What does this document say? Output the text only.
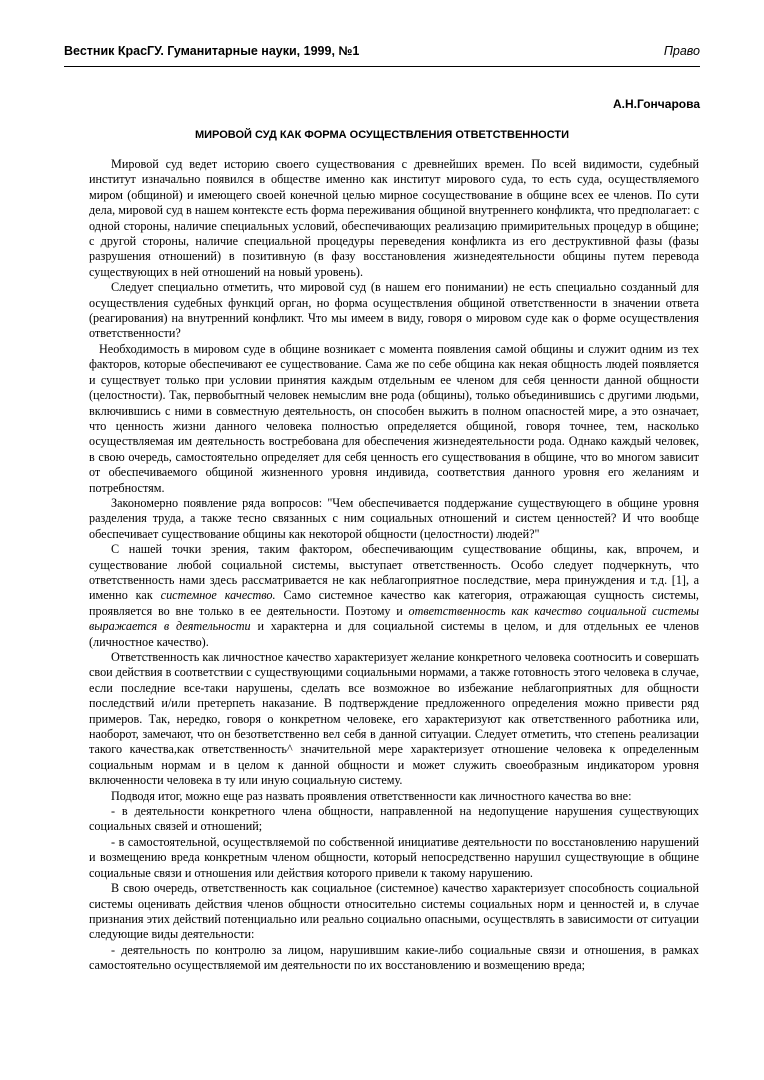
Вестник КрасГУ. Гуманитарные науки, 1999, №1	Право
А.Н.Гончарова
МИРОВОЙ СУД КАК ФОРМА ОСУЩЕСТВЛЕНИЯ ОТВЕТСТВЕННОСТИ

Мировой суд ведет историю своего существования с древнейших времен. По всей видимости, судебный институт изначально появился в обществе именно как институт мирового суда, то есть суда, осуществляемого миром (общиной) и имеющего своей конечной целью мирное сосуществование в общине всех ее членов. По сути дела, мировой суд в нашем контексте есть форма переживания общиной внутреннего конфликта, что предполагает: с одной стороны, наличие специальных условий, обеспечивающих реализацию примирительных процедур в общине; с другой стороны, наличие специальной процедуры переведения конфликта из его деструктивной фазы (фазы разрушения отношений) в позитивную (в фазу восстановления жизнедеятельности общины путем перевода существующих в ней отношений на новый уровень).

Следует специально отметить, что мировой суд (в нашем его понимании) не есть специально созданный для осуществления судебных функций орган, но форма осуществления общиной ответственности в значении ответа (реагирования) на внутренний конфликт. Что мы имеем в виду, говоря о мировом суде как о форме осуществления ответственности?

Необходимость в мировом суде в общине возникает с момента появления самой общины и служит одним из тех факторов, которые обеспечивают ее существование. Сама же по себе община как некая общность людей появляется и существует только при условии принятия каждым отдельным ее членом для себя ценности данной общности (целостности). Так, первобытный человек немыслим вне рода (общины), только объединившись с другими людьми, включившись с ними в совместную деятельность, он способен выжить в полном опасностей мире, а это означает, что ценность жизни данного человека полностью определяется общиной, говоря точнее, тем, насколько осуществляемая им деятельность востребована для обеспечения жизнедеятельности рода. Однако каждый человек, в свою очередь, самостоятельно определяет для себя ценность его существования в общине, что во многом зависит от обеспечиваемого общиной жизненного уровня индивида, соответствия данного уровня его желаниям и потребностям.

Закономерно появление ряда вопросов: "Чем обеспечивается поддержание существующего в общине уровня разделения труда, а также тесно связанных с ним социальных отношений и систем ценностей? И что вообще обеспечивает существование общины как некоторой общности (целостности) людей?"

С нашей точки зрения, таким фактором, обеспечивающим существование общины, как, впрочем, и существование любой социальной системы, выступает ответственность. Особо следует подчеркнуть, что ответственность нами здесь рассматривается не как неблагоприятное последствие, мера принуждения и т.д. [1], а именно как системное качество. Само системное качество как категория, отражающая сущность системы, проявляется во вне только в ее деятельности. Поэтому и ответственность как качество социальной системы выражается в деятельности и характерна и для социальной системы в целом, и для отдельных ее членов (личностное качество).

Ответственность как личностное качество характеризует желание конкретного человека соотносить и совершать свои действия в соответствии с существующими социальными нормами, а также готовность этого человека в случае, если последние все-таки нарушены, сделать все возможное во избежание неблагоприятных для общности последствий и/или претерпеть наказание. В подтверждение предложенного определения можно привести ряд примеров. Так, нередко, говоря о конкретном человеке, его характеризуют как ответственного работника или, наоборот, замечают, что он безответственно вел себя в данной ситуации. Следует отметить, что степень реализации такого качества,как ответственность^ значительной мере характеризует отношение человека к определенным социальным нормам и в целом к данной общности и может служить своеобразным индикатором уровня включенности человека в ту или иную социальную систему.

Подводя итог, можно еще раз назвать проявления ответственности как личностного качества во вне:

- в деятельности конкретного члена общности, направленной на недопущение нарушения существующих социальных связей и отношений;

- в самостоятельной, осуществляемой по собственной инициативе деятельности по восстановлению нарушений и возмещению вреда конкретным членом общности, который непосредственно нарушил существующие в общине социальные связи и отношения или действия которого привели к такому нарушению.

В свою очередь, ответственность как социальное (системное) качество характеризует способность социальной системы оценивать действия членов общности относительно системы социальных норм и ценностей и, в случае признания этих действий потенциально или реально социально опасными, осуществлять в зависимости от ситуации следующие виды деятельности:

- деятельность по контролю за лицом, нарушившим какие-либо социальные связи и отношения, в рамках самостоятельно осуществляемой им деятельности по их восстановлению и возмещению вреда;
